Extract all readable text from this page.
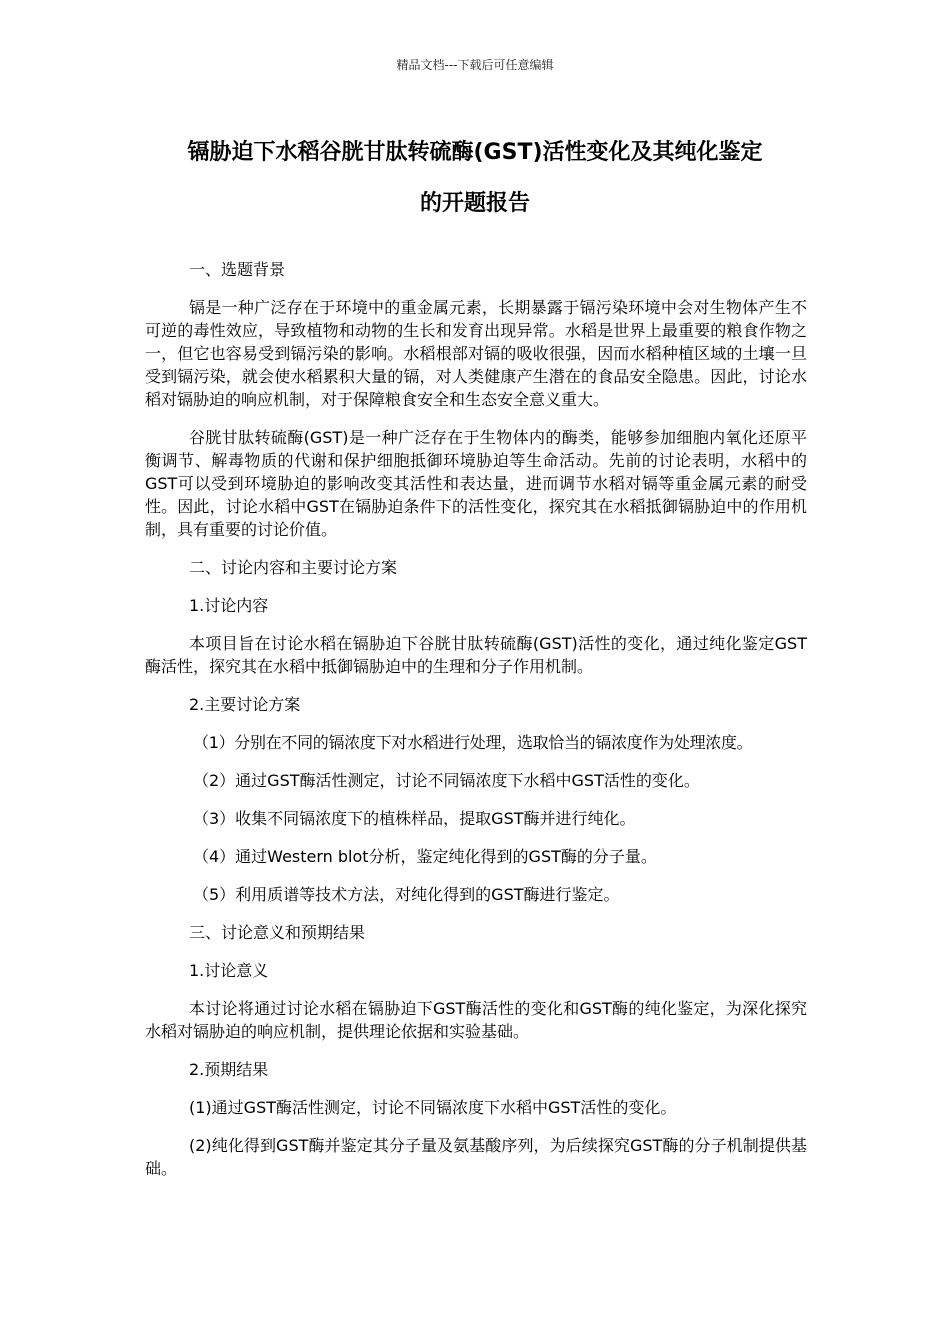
精品文档---下载后可任意编辑
镉胁迫下水稻谷胱甘肽转硫酶(GST)活性变化及其纯化鉴定
的开题报告

一、选题背景

镉是一种广泛存在于环境中的重金属元素，长期暴露于镉污染环境中会对生物体产生不可逆的毒性效应，导致植物和动物的生长和发育出现异常。水稻是世界上最重要的粮食作物之一，但它也容易受到镉污染的影响。水稻根部对镉的吸收很强，因而水稻种植区域的土壤一旦受到镉污染，就会使水稻累积大量的镉，对人类健康产生潜在的食品安全隐患。因此，讨论水稻对镉胁迫的响应机制，对于保障粮食安全和生态安全意义重大。

谷胱甘肽转硫酶(GST)是一种广泛存在于生物体内的酶类，能够参加细胞内氧化还原平衡调节、解毒物质的代谢和保护细胞抵御环境胁迫等生命活动。先前的讨论表明，水稻中的GST可以受到环境胁迫的影响改变其活性和表达量，进而调节水稻对镉等重金属元素的耐受性。因此，讨论水稻中GST在镉胁迫条件下的活性变化，探究其在水稻抵御镉胁迫中的作用机制，具有重要的讨论价值。

二、讨论内容和主要讨论方案

1.讨论内容

本项目旨在讨论水稻在镉胁迫下谷胱甘肽转硫酶(GST)活性的变化，通过纯化鉴定GST酶活性，探究其在水稻中抵御镉胁迫中的生理和分子作用机制。

2.主要讨论方案

（1）分别在不同的镉浓度下对水稻进行处理，选取恰当的镉浓度作为处理浓度。

（2）通过GST酶活性测定，讨论不同镉浓度下水稻中GST活性的变化。

（3）收集不同镉浓度下的植株样品，提取GST酶并进行纯化。

（4）通过Western blot分析，鉴定纯化得到的GST酶的分子量。

（5）利用质谱等技术方法，对纯化得到的GST酶进行鉴定。

三、讨论意义和预期结果

1.讨论意义

本讨论将通过讨论水稻在镉胁迫下GST酶活性的变化和GST酶的纯化鉴定，为深化探究水稻对镉胁迫的响应机制，提供理论依据和实验基础。

2.预期结果

(1)通过GST酶活性测定，讨论不同镉浓度下水稻中GST活性的变化。

(2)纯化得到GST酶并鉴定其分子量及氨基酸序列，为后续探究GST酶的分子机制提供基础。
